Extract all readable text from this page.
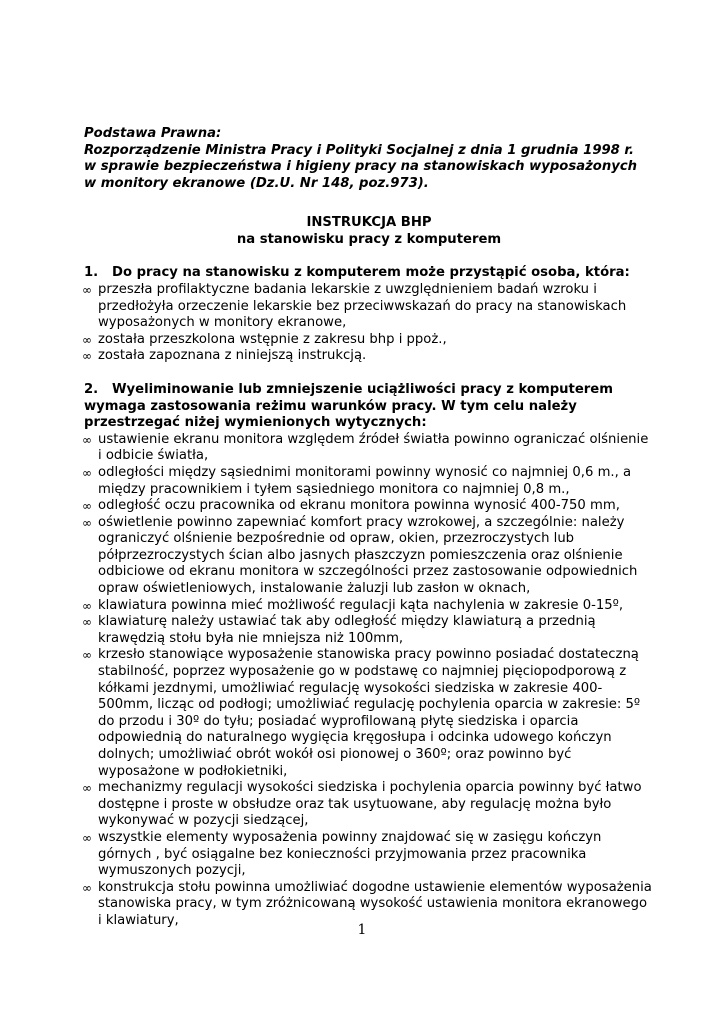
Podstawa Prawna:
Rozporządzenie Ministra Pracy i Polityki Socjalnej z dnia 1 grudnia 1998 r.
w sprawie bezpieczeństwa i higieny pracy na stanowiskach wyposażonych
w monitory ekranowe (Dz.U. Nr 148, poz.973).
INSTRUKCJA BHP
na stanowisku pracy z komputerem
1. Do pracy na stanowisku z komputerem może przystąpić osoba, która:
∞ przeszła profilaktyczne badania lekarskie z uwzględnieniem badań wzroku i przedłożyła orzeczenie lekarskie bez przeciwwskazań do pracy na stanowiskach wyposażonych w monitory ekranowe,
∞ została przeszkolona wstępnie z zakresu bhp i ppoż.,
∞ została zapoznana z niniejszą instrukcją.
2. Wyeliminowanie lub zmniejszenie uciążliwości pracy z komputerem wymaga zastosowania reżimu warunków pracy. W tym celu należy przestrzegać niżej wymienionych wytycznych:
∞ ustawienie ekranu monitora względem źródeł światła powinno ograniczać olśnienie i odbicie światła,
∞ odległości między sąsiednimi monitorami powinny wynosić co najmniej 0,6 m., a między pracownikiem i tyłem sąsiedniego monitora co najmniej 0,8 m.,
∞ odległość oczu pracownika od ekranu monitora powinna wynosić 400-750 mm,
∞ oświetlenie powinno zapewniać komfort pracy wzrokowej, a szczególnie: należy ograniczyć olśnienie bezpośrednie od opraw, okien, przezroczystych lub półprzezroczystych ścian albo jasnych płaszczyzn pomieszczenia oraz olśnienie odbiciowe od ekranu monitora w szczególności przez zastosowanie odpowiednich opraw oświetleniowych, instalowanie żaluzji lub zasłon w oknach,
∞ klawiatura powinna mieć możliwość regulacji kąta nachylenia w zakresie 0-15º,
∞ klawiaturę należy ustawiać tak aby odległość między klawiaturą a przednią krawędzią stołu była nie mniejsza niż 100mm,
∞ krzesło stanowiące wyposażenie stanowiska pracy powinno posiadać dostateczną stabilność, poprzez wyposażenie go w podstawę co najmniej pięciopodporową z kółkami jezdnymi, umożliwiać regulację wysokości siedziska w zakresie 400-500mm, licząc od podłogi; umożliwiać regulację pochylenia oparcia w zakresie: 5º do przodu i 30º do tyłu; posiadać wyprofilowaną płytę siedziska i oparcia odpowiednią do naturalnego wygięcia kręgosłupa i odcinka udowego kończyn dolnych; umożliwiać obrót wokół osi pionowej o 360º; oraz powinno być wyposażone w podłokietniki,
∞ mechanizmy regulacji wysokości siedziska i pochylenia oparcia powinny być łatwo dostępne i proste w obsłudze oraz tak usytuowane, aby regulację można było wykonywać w pozycji siedzącej,
∞ wszystkie elementy wyposażenia powinny znajdować się w zasięgu kończyn górnych , być osiągalne bez konieczności przyjmowania przez pracownika wymuszonych pozycji,
∞ konstrukcja stołu powinna umożliwiać dogodne ustawienie elementów wyposażenia stanowiska pracy, w tym zróżnicowaną wysokość ustawienia monitora ekranowego i klawiatury,
1
